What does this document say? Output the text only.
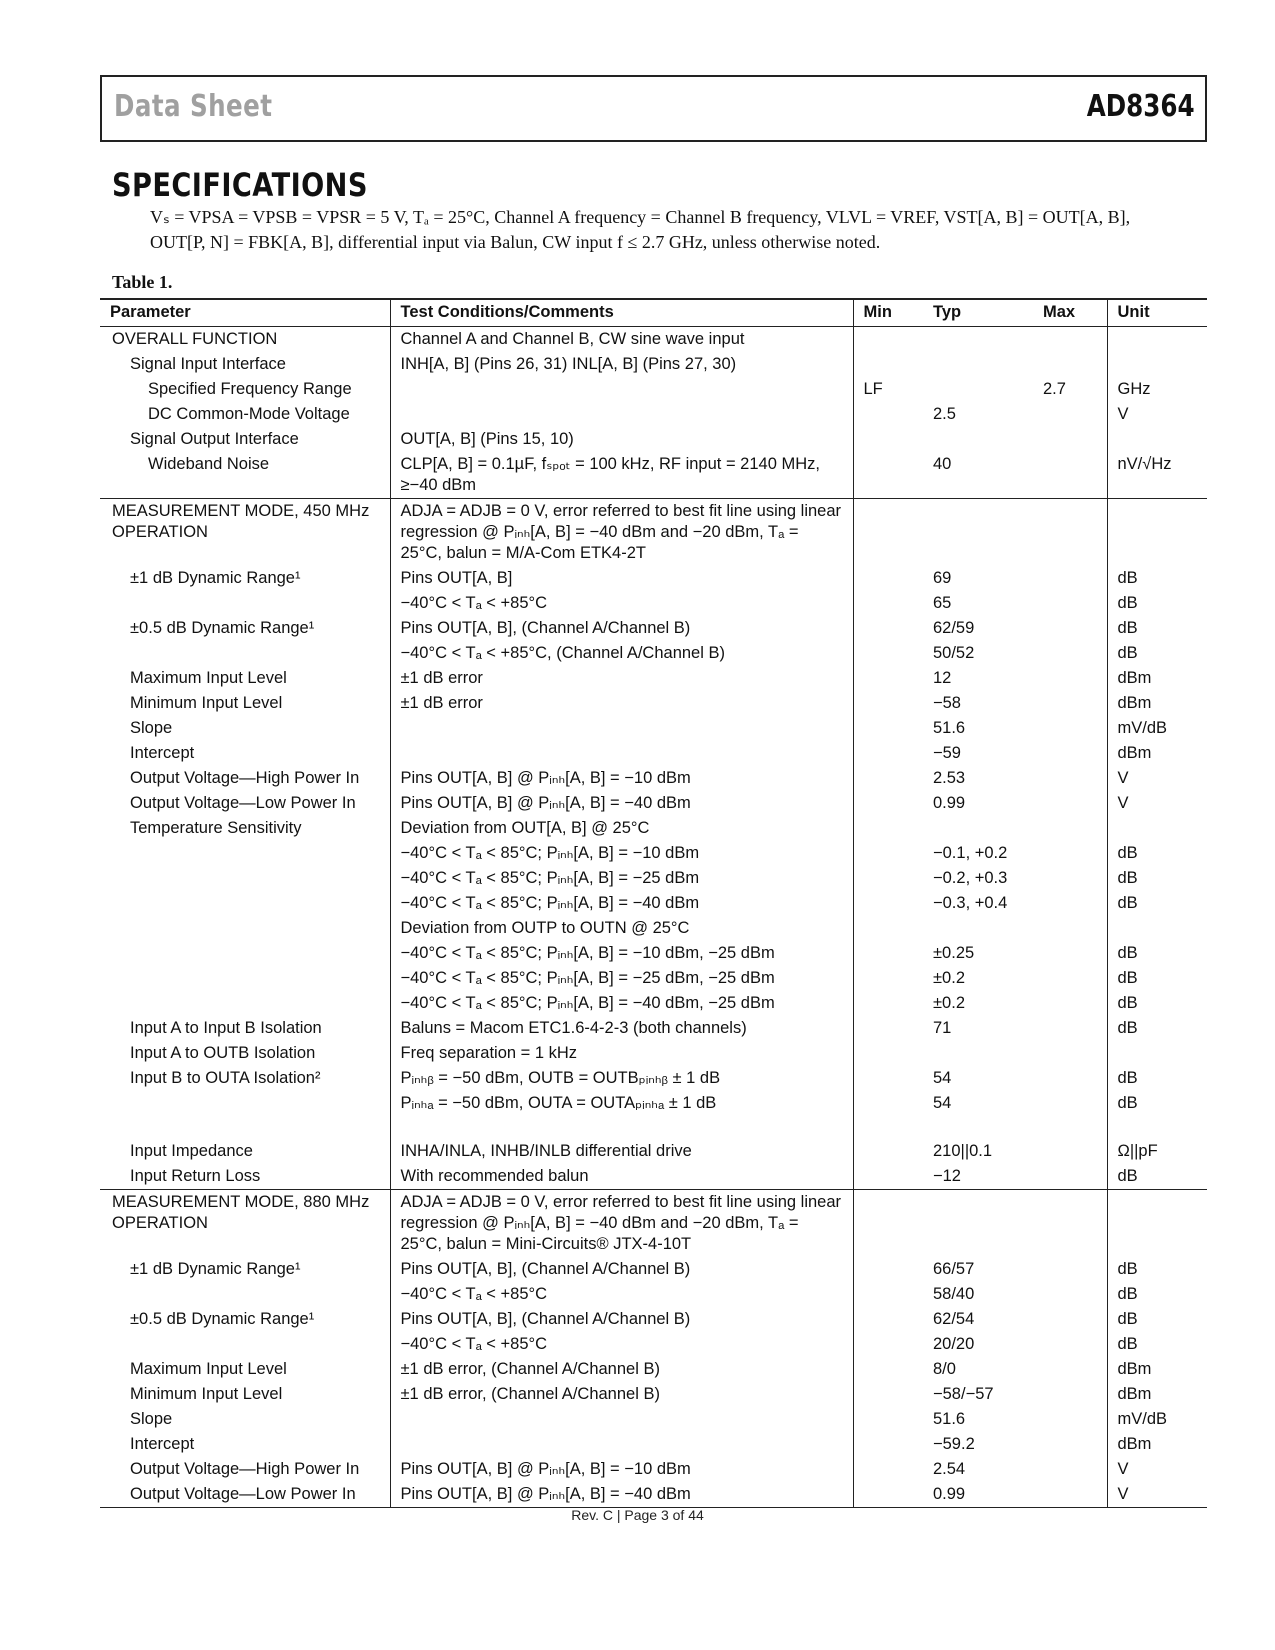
Data Sheet	AD8364
SPECIFICATIONS
Vₛ = VPSA = VPSB = VPSR = 5 V, Tₐ = 25°C, Channel A frequency = Channel B frequency, VLVL = VREF, VST[A, B] = OUT[A, B], OUT[P, N] = FBK[A, B], differential input via Balun, CW input f ≤ 2.7 GHz, unless otherwise noted.
Table 1.
Parameter	Test Conditions/Comments	Min	Typ	Max	Unit
OVERALL FUNCTION	Channel A and Channel B, CW sine wave input				
Signal Input Interface	INH[A, B] (Pins 26, 31) INL[A, B] (Pins 27, 30)				
Specified Frequency Range		LF		2.7	GHz
DC Common-Mode Voltage			2.5		V
Signal Output Interface	OUT[A, B] (Pins 15, 10)				
Wideband Noise	CLP[A, B] = 0.1µF, fₛₚₒₜ = 100 kHz, RF input = 2140 MHz, ≥−40 dBm		40		nV/√Hz
MEASUREMENT MODE, 450 MHz OPERATION	ADJA = ADJB = 0 V, error referred to best fit line using linear regression @ Pᵢₙₕ[A, B] = −40 dBm and −20 dBm, Tₐ = 25°C, balun = M/A-Com ETK4-2T				
±1 dB Dynamic Range¹	Pins OUT[A, B]		69		dB
	−40°C < Tₐ < +85°C		65		dB
±0.5 dB Dynamic Range¹	Pins OUT[A, B], (Channel A/Channel B)		62/59		dB
	−40°C < Tₐ < +85°C, (Channel A/Channel B)		50/52		dB
Maximum Input Level	±1 dB error		12		dBm
Minimum Input Level	±1 dB error		−58		dBm
Slope			51.6		mV/dB
Intercept			−59		dBm
Output Voltage—High Power In	Pins OUT[A, B] @ Pᵢₙₕ[A, B] = −10 dBm		2.53		V
Output Voltage—Low Power In	Pins OUT[A, B] @ Pᵢₙₕ[A, B] = −40 dBm		0.99		V
Temperature Sensitivity	Deviation from OUT[A, B] @ 25°C				
	−40°C < Tₐ < 85°C; Pᵢₙₕ[A, B] = −10 dBm		−0.1, +0.2		dB
	−40°C < Tₐ < 85°C; Pᵢₙₕ[A, B] = −25 dBm		−0.2, +0.3		dB
	−40°C < Tₐ < 85°C; Pᵢₙₕ[A, B] = −40 dBm		−0.3, +0.4		dB
	Deviation from OUTP to OUTN @ 25°C				
	−40°C < Tₐ < 85°C; Pᵢₙₕ[A, B] = −10 dBm, −25 dBm		±0.25		dB
	−40°C < Tₐ < 85°C; Pᵢₙₕ[A, B] = −25 dBm, −25 dBm		±0.2		dB
	−40°C < Tₐ < 85°C; Pᵢₙₕ[A, B] = −40 dBm, −25 dBm		±0.2		dB
Input A to Input B Isolation	Baluns = Macom ETC1.6-4-2-3 (both channels)		71		dB
Input A to OUTB Isolation	Freq separation = 1 kHz				
Input B to OUTA Isolation²	Pᵢₙₕᵦ = −50 dBm, OUTB = OUTBₚᵢₙₕᵦ ± 1 dB		54		dB
	Pᵢₙₕₐ = −50 dBm, OUTA = OUTAₚᵢₙₕₐ ± 1 dB		54		dB

Input Impedance	INHA/INLA, INHB/INLB differential drive		210||0.1		Ω||pF
Input Return Loss	With recommended balun		−12		dB
MEASUREMENT MODE, 880 MHz OPERATION	ADJA = ADJB = 0 V, error referred to best fit line using linear regression @ Pᵢₙₕ[A, B] = −40 dBm and −20 dBm, Tₐ = 25°C, balun = Mini-Circuits® JTX-4-10T				
±1 dB Dynamic Range¹	Pins OUT[A, B], (Channel A/Channel B)		66/57		dB
	−40°C < Tₐ < +85°C		58/40		dB
±0.5 dB Dynamic Range¹	Pins OUT[A, B], (Channel A/Channel B)		62/54		dB
	−40°C < Tₐ < +85°C		20/20		dB
Maximum Input Level	±1 dB error, (Channel A/Channel B)		8/0		dBm
Minimum Input Level	±1 dB error, (Channel A/Channel B)		−58/−57		dBm
Slope			51.6		mV/dB
Intercept			−59.2		dBm
Output Voltage—High Power In	Pins OUT[A, B] @ Pᵢₙₕ[A, B] = −10 dBm		2.54		V
Output Voltage—Low Power In	Pins OUT[A, B] @ Pᵢₙₕ[A, B] = −40 dBm		0.99		V
Rev. C | Page 3 of 44
